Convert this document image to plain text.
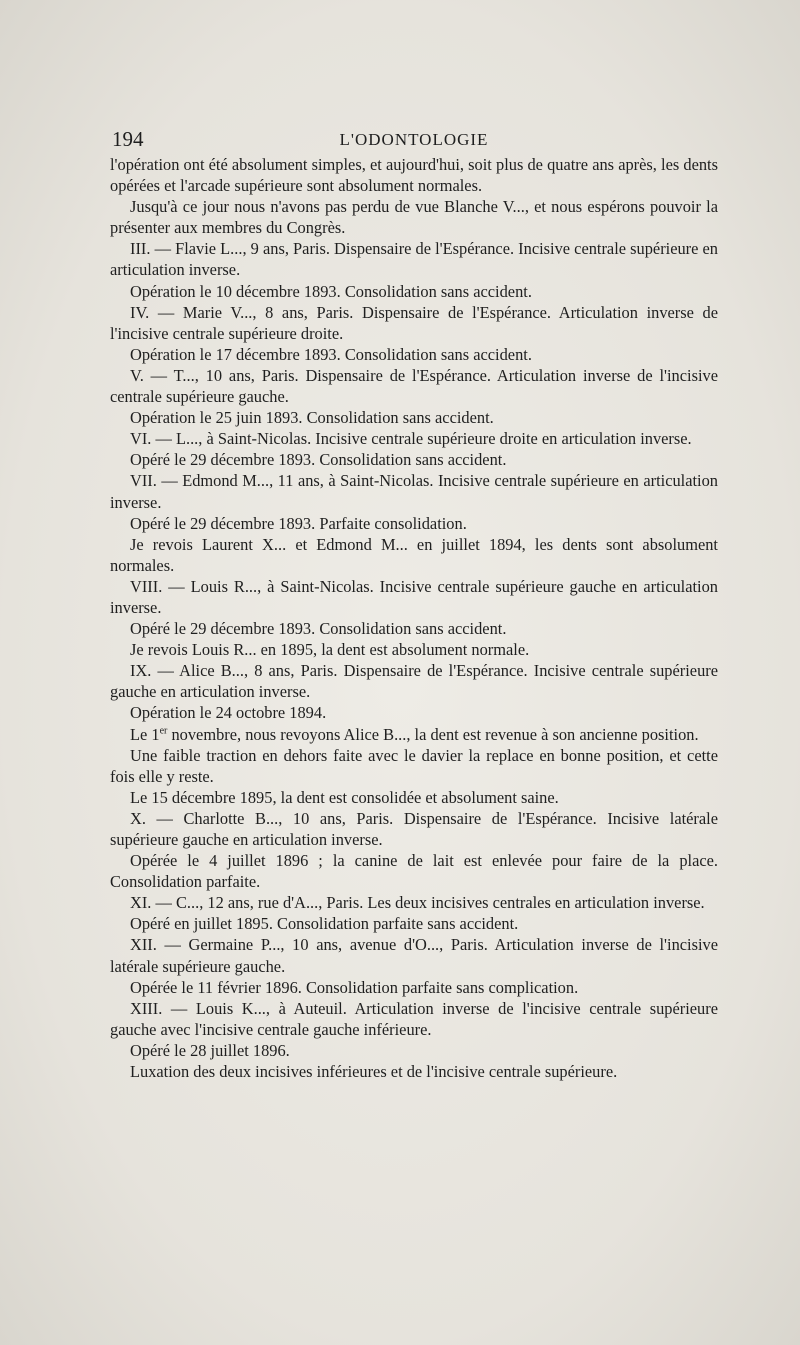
194	L'ODONTOLOGIE

l'opération ont été absolument simples, et aujourd'hui, soit plus de quatre ans après, les dents opérées et l'arcade supérieure sont absolument normales.

Jusqu'à ce jour nous n'avons pas perdu de vue Blanche V..., et nous espérons pouvoir la présenter aux membres du Congrès.

III. — Flavie L..., 9 ans, Paris. Dispensaire de l'Espérance. Incisive centrale supérieure en articulation inverse.

Opération le 10 décembre 1893. Consolidation sans accident.

IV. — Marie V..., 8 ans, Paris. Dispensaire de l'Espérance. Articulation inverse de l'incisive centrale supérieure droite.

Opération le 17 décembre 1893. Consolidation sans accident.

V. — T..., 10 ans, Paris. Dispensaire de l'Espérance. Articulation inverse de l'incisive centrale supérieure gauche.

Opération le 25 juin 1893. Consolidation sans accident.

VI. — L..., à Saint-Nicolas. Incisive centrale supérieure droite en articulation inverse.

Opéré le 29 décembre 1893. Consolidation sans accident.

VII. — Edmond M..., 11 ans, à Saint-Nicolas. Incisive centrale supérieure en articulation inverse.

Opéré le 29 décembre 1893. Parfaite consolidation.

Je revois Laurent X... et Edmond M... en juillet 1894, les dents sont absolument normales.

VIII. — Louis R..., à Saint-Nicolas. Incisive centrale supérieure gauche en articulation inverse.

Opéré le 29 décembre 1893. Consolidation sans accident.

Je revois Louis R... en 1895, la dent est absolument normale.

IX. — Alice B..., 8 ans, Paris. Dispensaire de l'Espérance. Incisive centrale supérieure gauche en articulation inverse.

Opération le 24 octobre 1894.

Le 1er novembre, nous revoyons Alice B..., la dent est revenue à son ancienne position.

Une faible traction en dehors faite avec le davier la replace en bonne position, et cette fois elle y reste.

Le 15 décembre 1895, la dent est consolidée et absolument saine.

X. — Charlotte B..., 10 ans, Paris. Dispensaire de l'Espérance. Incisive latérale supérieure gauche en articulation inverse.

Opérée le 4 juillet 1896 ; la canine de lait est enlevée pour faire de la place. Consolidation parfaite.

XI. — C..., 12 ans, rue d'A..., Paris. Les deux incisives centrales en articulation inverse.

Opéré en juillet 1895. Consolidation parfaite sans accident.

XII. — Germaine P..., 10 ans, avenue d'O..., Paris. Articulation inverse de l'incisive latérale supérieure gauche.

Opérée le 11 février 1896. Consolidation parfaite sans complication.

XIII. — Louis K..., à Auteuil. Articulation inverse de l'incisive centrale supérieure gauche avec l'incisive centrale gauche inférieure.

Opéré le 28 juillet 1896.

Luxation des deux incisives inférieures et de l'incisive centrale supérieure.
